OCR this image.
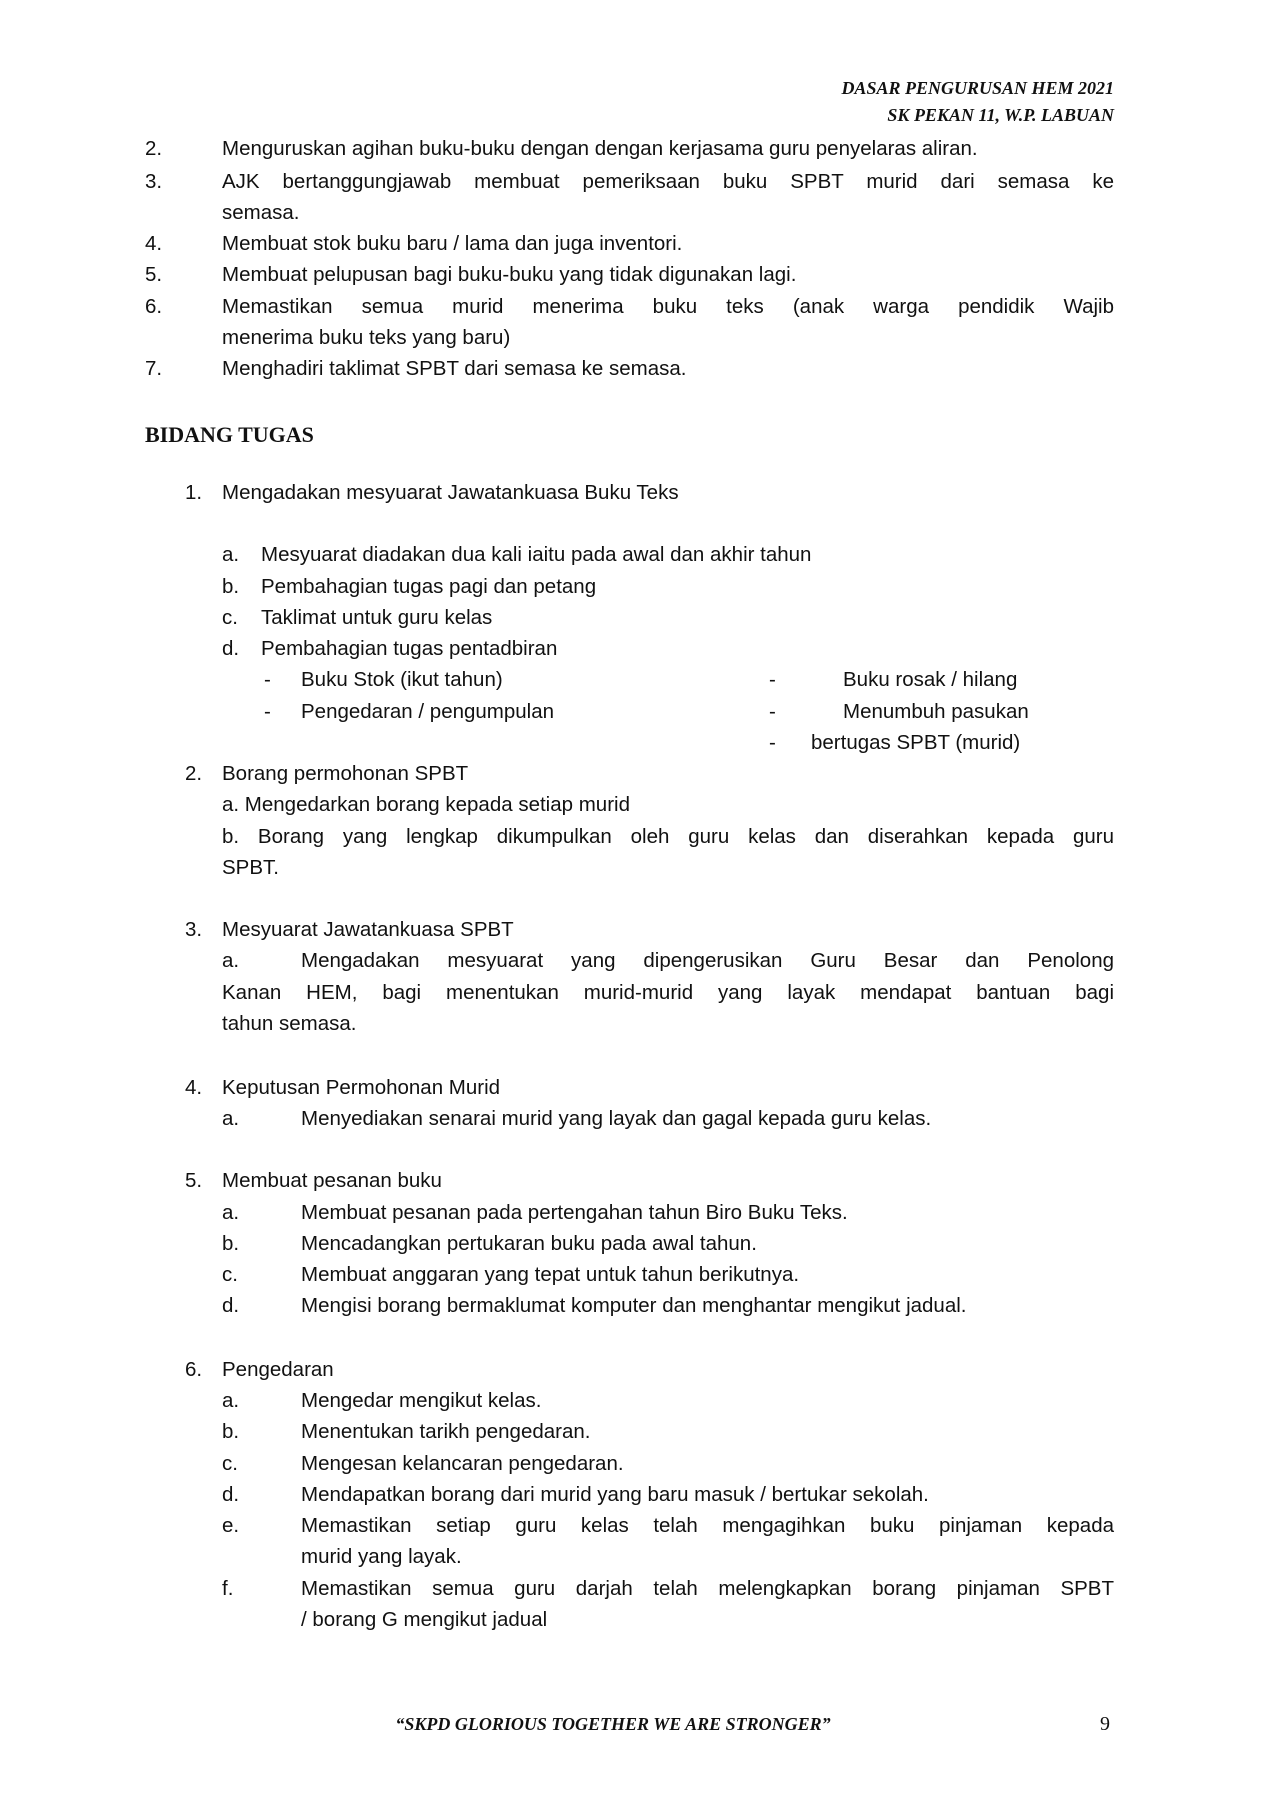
DASAR PENGURUSAN HEM 2021
SK PEKAN 11, W.P. LABUAN
2.	Menguruskan agihan buku-buku dengan dengan kerjasama guru penyelaras aliran.
3.	AJK bertanggungjawab membuat pemeriksaan buku SPBT murid dari semasa ke
semasa.
4.	Membuat stok buku baru / lama dan juga inventori.
5.	Membuat pelupusan bagi buku-buku yang tidak digunakan lagi.
6.	Memastikan semua murid menerima buku teks (anak warga pendidik Wajib
menerima buku teks yang baru)
7.	Menghadiri taklimat SPBT dari semasa ke semasa.
BIDANG TUGAS
1. Mengadakan mesyuarat Jawatankuasa Buku Teks
a. Mesyuarat diadakan dua kali iaitu pada awal dan akhir tahun
b. Pembahagian tugas pagi dan petang
c. Taklimat untuk guru kelas
d. Pembahagian tugas pentadbiran
- Buku Stok (ikut tahun)
- Pengedaran / pengumpulan
-	Buku rosak / hilang
-	Menumbuh pasukan
- bertugas SPBT (murid)
2. Borang permohonan SPBT
a. Mengedarkan borang kepada setiap murid
b. Borang yang lengkap dikumpulkan oleh guru kelas dan diserahkan kepada guru
SPBT.
3. Mesyuarat Jawatankuasa SPBT
a.	Mengadakan mesyuarat yang dipengerusikan Guru Besar dan Penolong
Kanan HEM, bagi menentukan murid-murid yang layak mendapat bantuan bagi
tahun semasa.
4. Keputusan Permohonan Murid
a.	Menyediakan senarai murid yang layak dan gagal kepada guru kelas.
5. Membuat pesanan buku
a.	Membuat pesanan pada pertengahan tahun Biro Buku Teks.
b.	Mencadangkan pertukaran buku pada awal tahun.
c.	Membuat anggaran yang tepat untuk tahun berikutnya.
d.	Mengisi borang bermaklumat komputer dan menghantar mengikut jadual.
6. Pengedaran
a.	Mengedar mengikut kelas.
b.	Menentukan tarikh pengedaran.
c.	Mengesan kelancaran pengedaran.
d.	Mendapatkan borang dari murid yang baru masuk / bertukar sekolah.
e.	Memastikan setiap guru kelas telah mengagihkan buku pinjaman kepada
murid yang layak.
f.	Memastikan semua guru darjah telah melengkapkan borang pinjaman SPBT
/ borang G mengikut jadual
“SKPD GLORIOUS TOGETHER WE ARE STRONGER”	9
